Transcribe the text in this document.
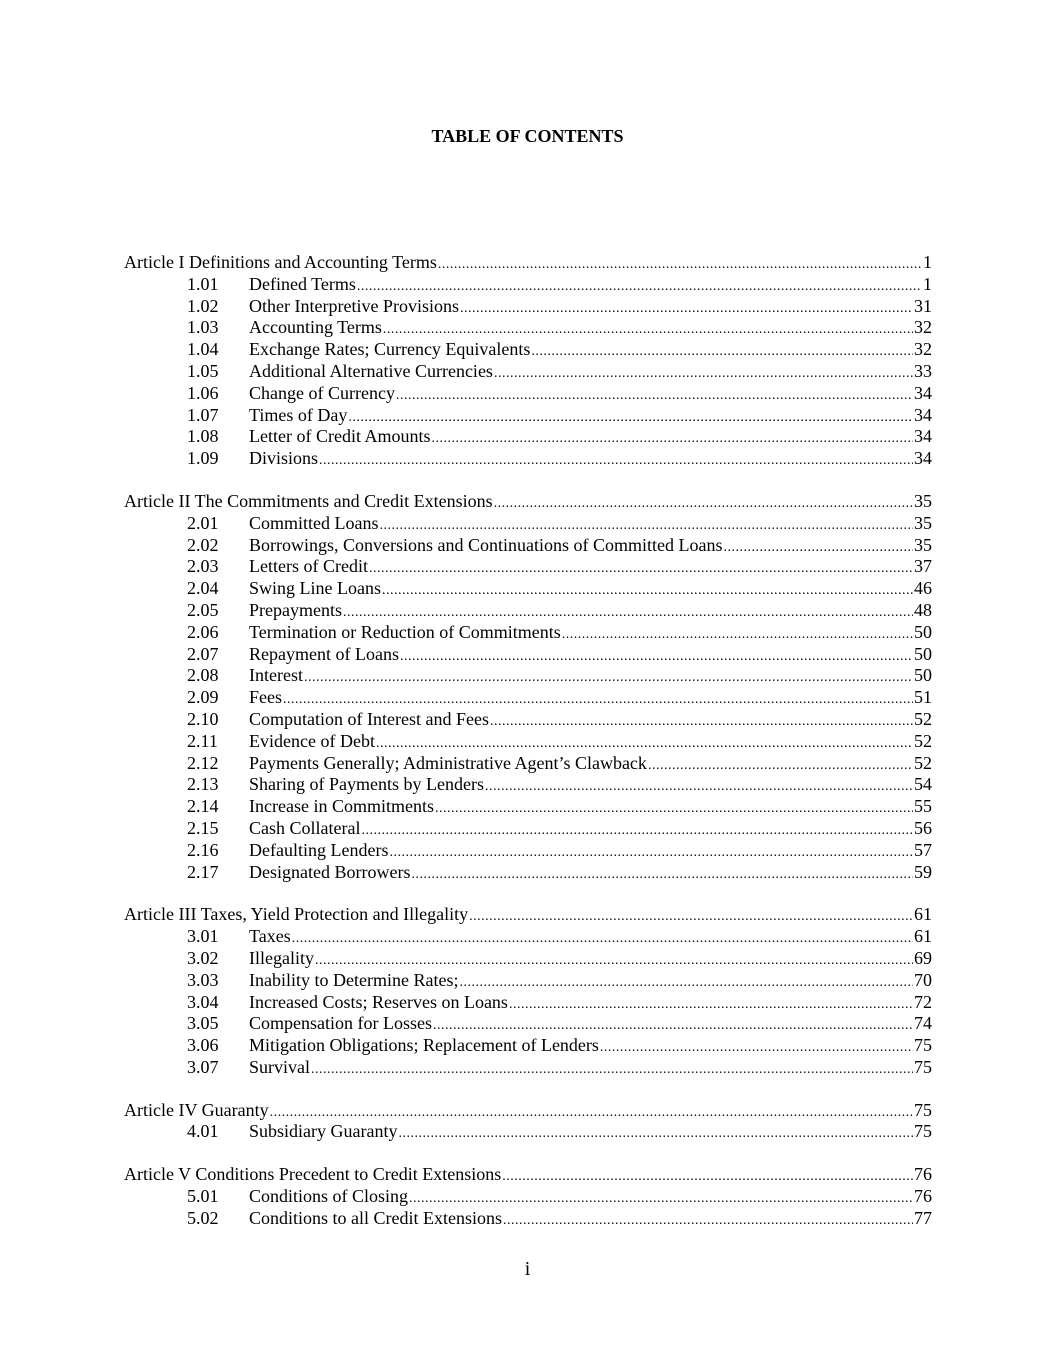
TABLE OF CONTENTS
Article I Definitions and Accounting Terms .....	1
1.01	Defined Terms .....	1
1.02	Other Interpretive Provisions .....	31
1.03	Accounting Terms .....	32
1.04	Exchange Rates; Currency Equivalents .....	32
1.05	Additional Alternative Currencies .....	33
1.06	Change of Currency .....	34
1.07	Times of Day .....	34
1.08	Letter of Credit Amounts .....	34
1.09	Divisions .....	34
Article II The Commitments and Credit Extensions .....	35
2.01	Committed Loans .....	35
2.02	Borrowings, Conversions and Continuations of Committed Loans .....	35
2.03	Letters of Credit .....	37
2.04	Swing Line Loans .....	46
2.05	Prepayments .....	48
2.06	Termination or Reduction of Commitments .....	50
2.07	Repayment of Loans .....	50
2.08	Interest .....	50
2.09	Fees .....	51
2.10	Computation of Interest and Fees .....	52
2.11	Evidence of Debt .....	52
2.12	Payments Generally; Administrative Agent’s Clawback .....	52
2.13	Sharing of Payments by Lenders .....	54
2.14	Increase in Commitments .....	55
2.15	Cash Collateral .....	56
2.16	Defaulting Lenders .....	57
2.17	Designated Borrowers .....	59
Article III Taxes, Yield Protection and Illegality .....	61
3.01	Taxes .....	61
3.02	Illegality .....	69
3.03	Inability to Determine Rates; .....	70
3.04	Increased Costs; Reserves on Loans .....	72
3.05	Compensation for Losses .....	74
3.06	Mitigation Obligations; Replacement of Lenders .....	75
3.07	Survival .....	75
Article IV Guaranty .....	75
4.01	Subsidiary Guaranty .....	75
Article V Conditions Precedent to Credit Extensions .....	76
5.01	Conditions of Closing .....	76
5.02	Conditions to all Credit Extensions .....	77
i
